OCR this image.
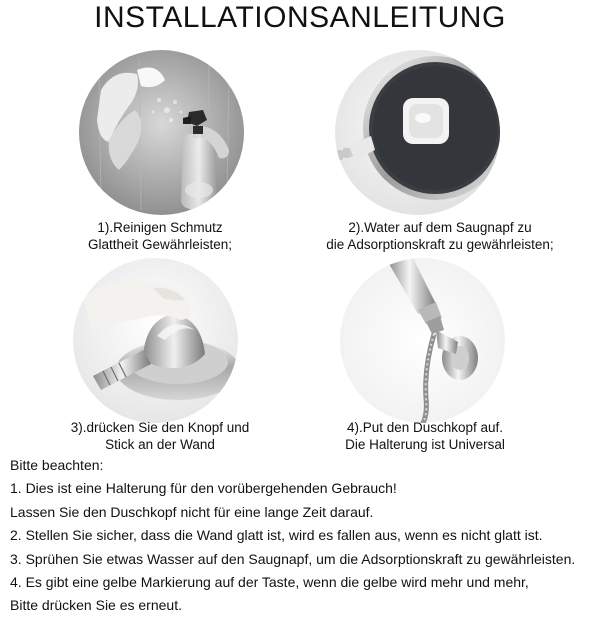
INSTALLATIONSANLEITUNG
1).Reinigen Schmutz
Glattheit Gewährleisten;
2).Water auf dem Saugnapf zu
die Adsorptionskraft zu gewährleisten;
3).drücken Sie den Knopf und
Stick an der Wand
4).Put den Duschkopf auf.
Die Halterung ist Universal
Bitte beachten:
1. Dies ist eine Halterung für den vorübergehenden Gebrauch!
Lassen Sie den Duschkopf nicht für eine lange Zeit darauf.
2. Stellen Sie sicher, dass die Wand glatt ist, wird es fallen aus, wenn es nicht glatt ist.
3. Sprühen Sie etwas Wasser auf den Saugnapf, um die Adsorptionskraft zu gewährleisten.
4. Es gibt eine gelbe Markierung auf der Taste, wenn die gelbe wird mehr und mehr,
Bitte drücken Sie es erneut.
